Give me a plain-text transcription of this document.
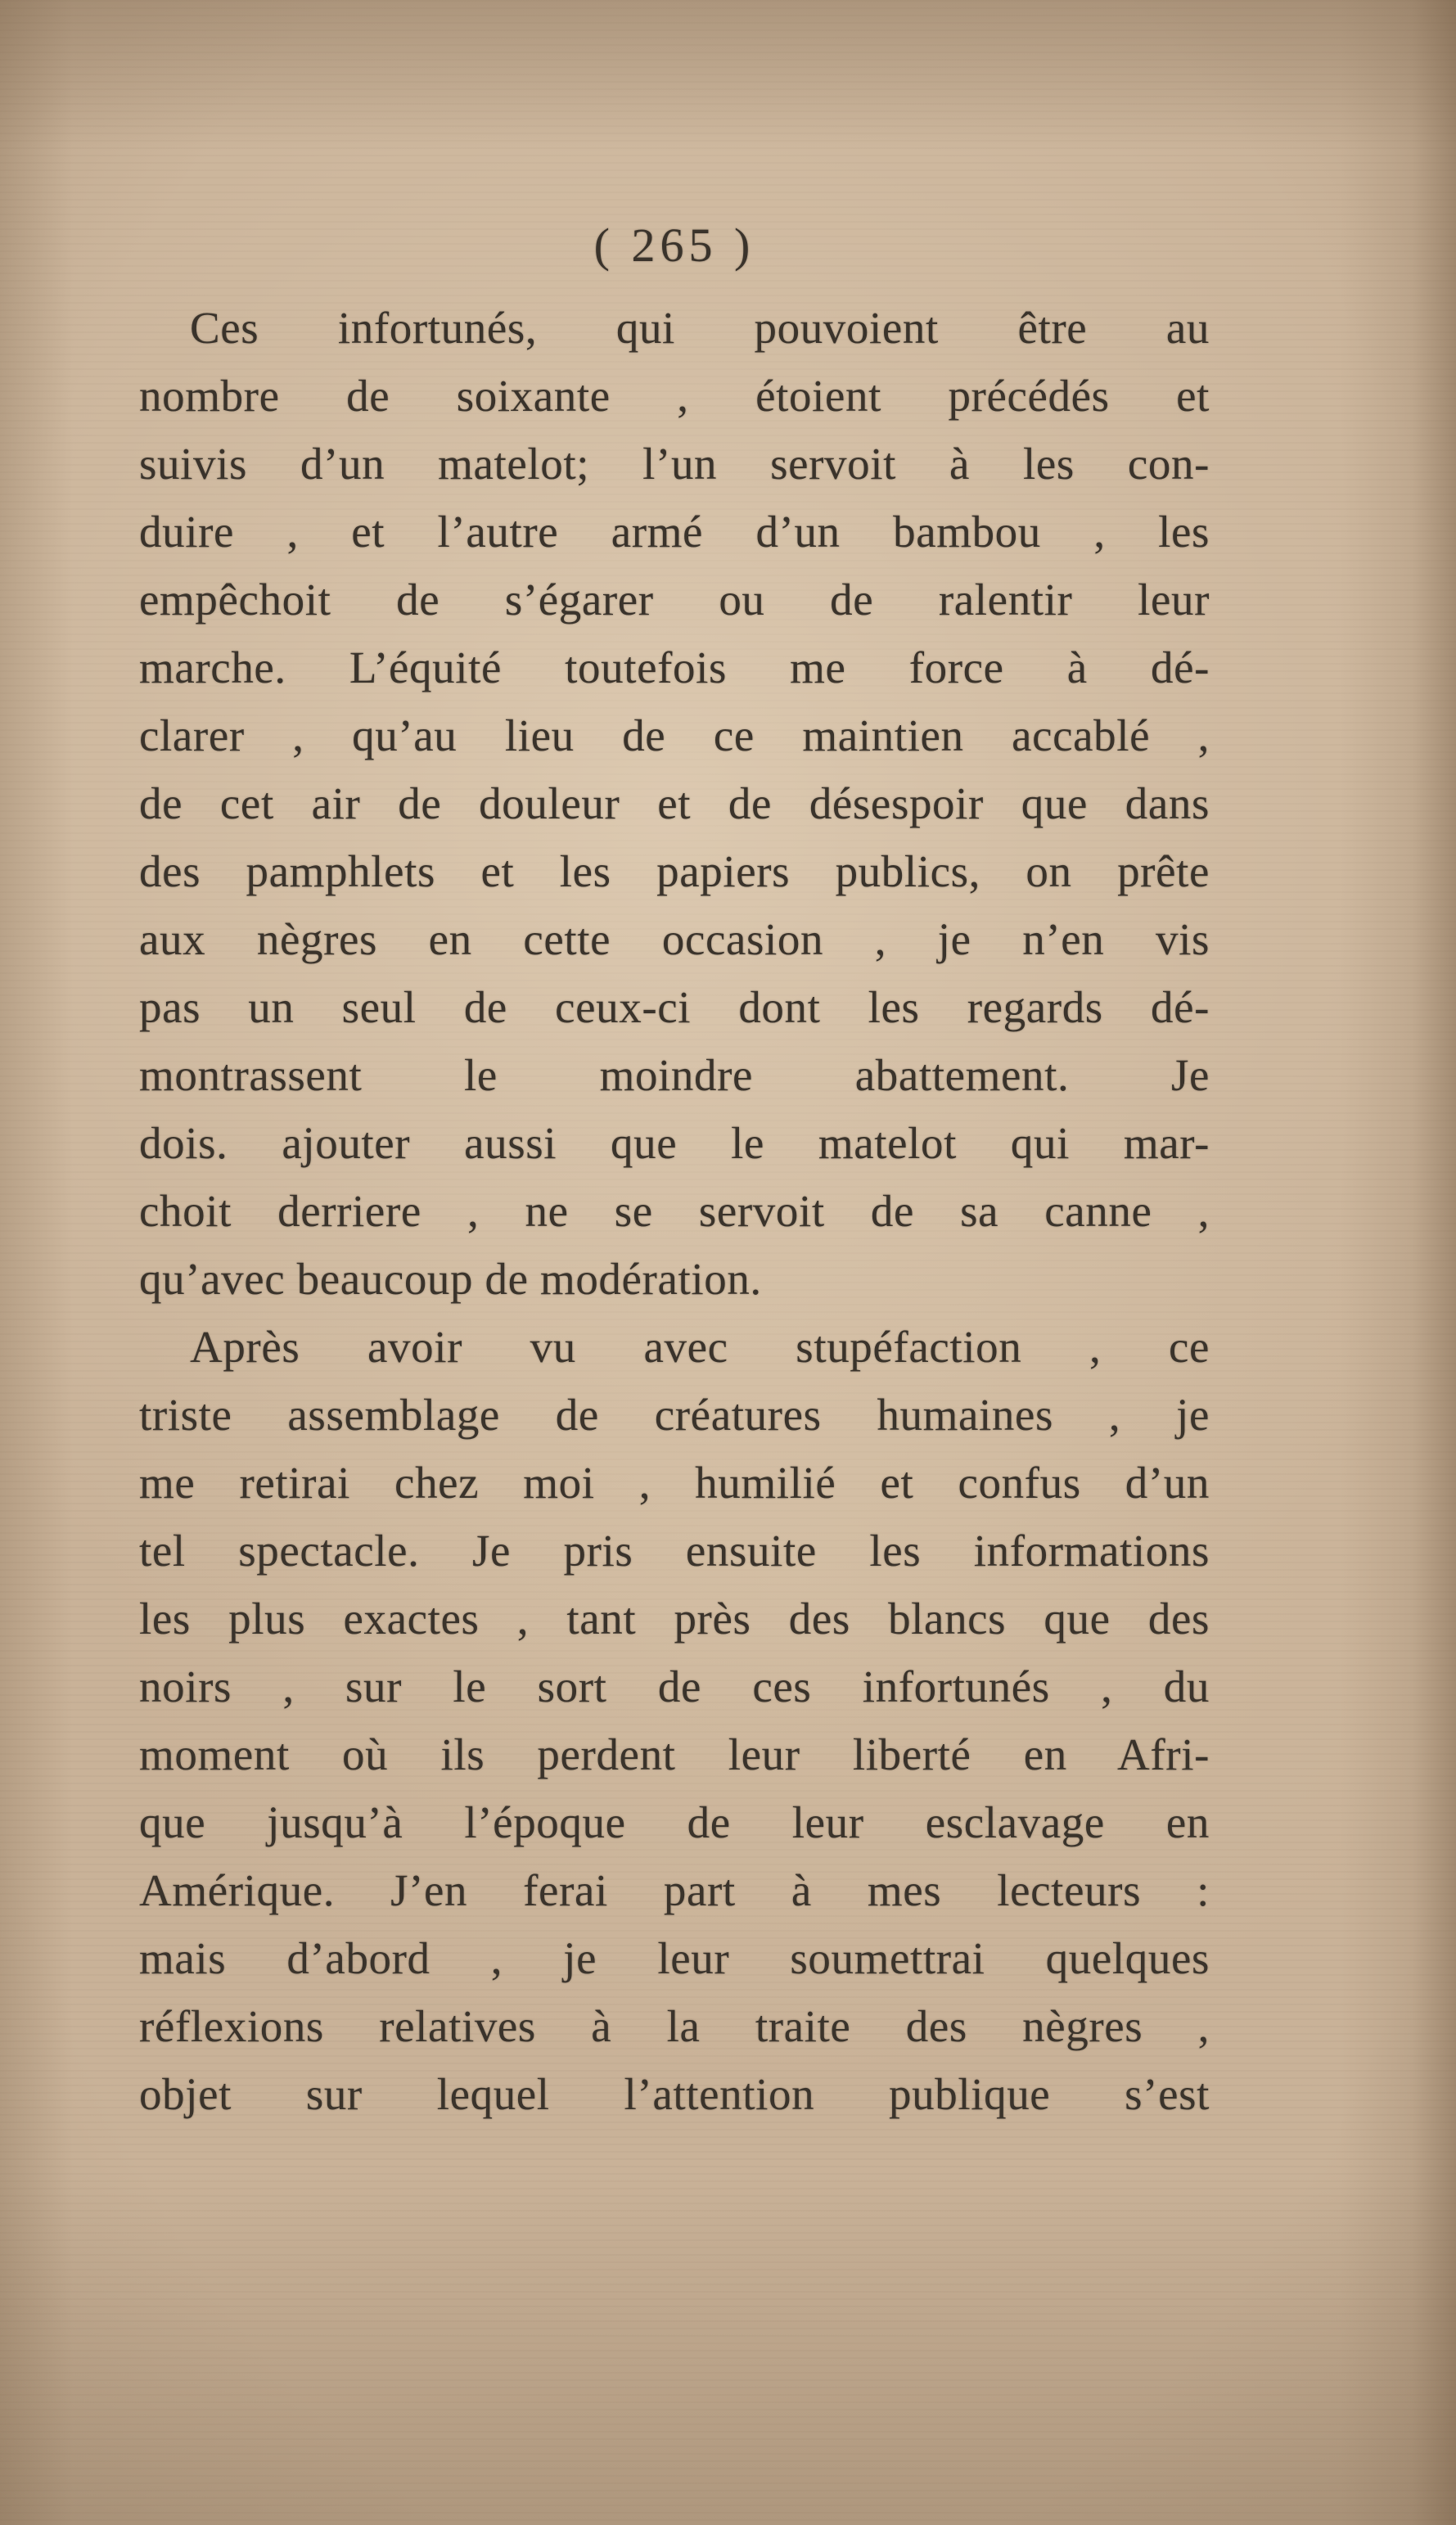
( 265 )
Ces infortunés, qui pouvoient être au
nombre de soixante , étoient précédés et
suivis d’un matelot; l’un servoit à les con-
duire , et l’autre armé d’un bambou , les
empêchoit de s’égarer ou de ralentir leur
marche. L’équité toutefois me force à dé-
clarer , qu’au lieu de ce maintien accablé ,
de cet air de douleur et de désespoir que dans
des pamphlets et les papiers publics, on prête
aux nègres en cette occasion , je n’en vis
pas un seul de ceux-ci dont les regards dé-
montrassent le moindre abattement. Je
dois. ajouter aussi que le matelot qui mar-
choit derriere , ne se servoit de sa canne ,
qu’avec beaucoup de modération.
Après avoir vu avec stupéfaction , ce
triste assemblage de créatures humaines , je
me retirai chez moi , humilié et confus d’un
tel spectacle. Je pris ensuite les informations
les plus exactes , tant près des blancs que des
noirs , sur le sort de ces infortunés , du
moment où ils perdent leur liberté en Afri-
que jusqu’à l’époque de leur esclavage en
Amérique. J’en ferai part à mes lecteurs :
mais d’abord , je leur soumettrai quelques
réflexions relatives à la traite des nègres ,
objet sur lequel l’attention publique s’est
